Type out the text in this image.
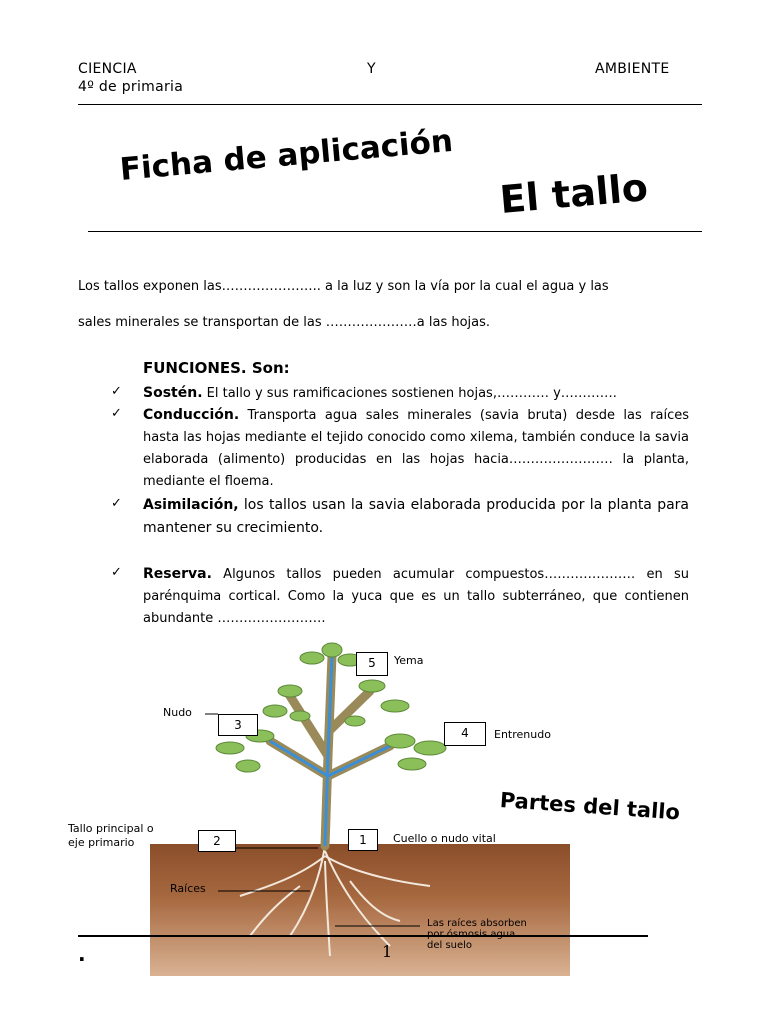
CIENCIA	Y	AMBIENTE
4º de primaria
Ficha de aplicación
El tallo
Los tallos exponen las………………….. a la luz y son la vía por la cual el agua y las
sales minerales se transportan de las …………………a las hojas.
FUNCIONES. Son:
✓ Sostén. El tallo y sus ramificaciones sostienen hojas,………… y………….
✓ Conducción. Transporta agua sales minerales (savia bruta) desde las raíces hasta las hojas mediante el tejido conocido como xilema, también conduce la savia elaborada (alimento) producidas en las hojas hacia…………………… la planta, mediante el floema.
✓ Asimilación, los tallos usan la savia elaborada producida por la planta para mantener su crecimiento.
✓ Reserva. Algunos tallos pueden acumular compuestos………………… en su parénquima cortical. Como la yuca que es un tallo subterráneo, que contienen abundante …………………….
5
3
4
2	1
Yema
Nudo
Entrenudo
Tallo principal o
eje primario	Cuello o nudo vital
Raíces
Las raíces absorben
por ósmosis agua
del suelo
Partes del tallo
.	1
